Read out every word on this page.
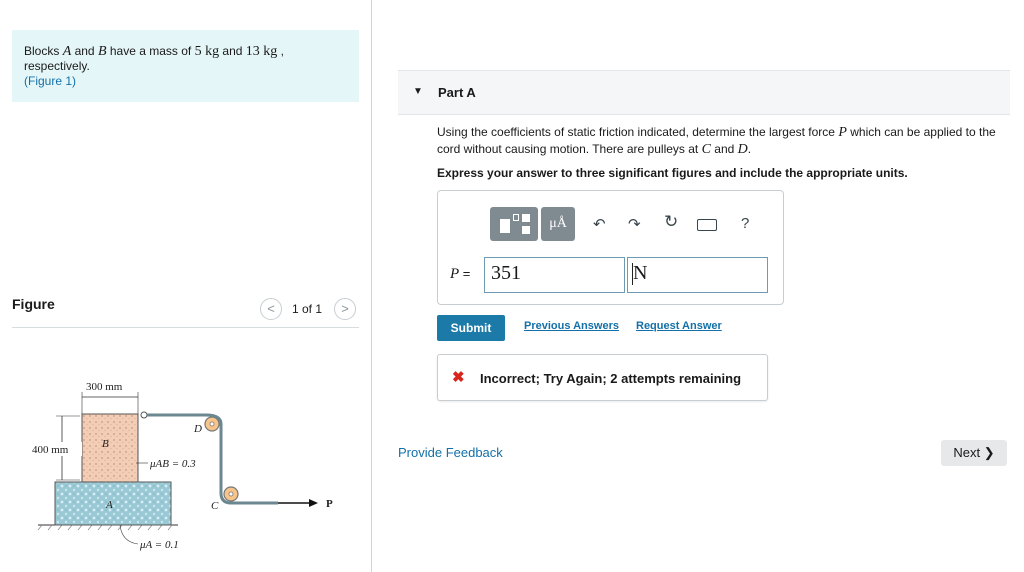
Blocks A and B have a mass of 5 kg and 13 kg , respectively.
(Figure 1)
Figure	<	1 of 1	>
A
B
300 mm
400 mm
D
C	P
μAB = 0.3
μA = 0.1
▼ Part A
Using the coefficients of static friction indicated, determine the largest force P which can be applied to the cord without causing motion. There are pulleys at C and D.
Express your answer to three significant figures and include the appropriate units.
μÅ	↶ ↷ ↻	?
P =	351	N
Submit	Previous Answers Request Answer
✖ Incorrect; Try Again; 2 attempts remaining
Provide Feedback	Next ❯
